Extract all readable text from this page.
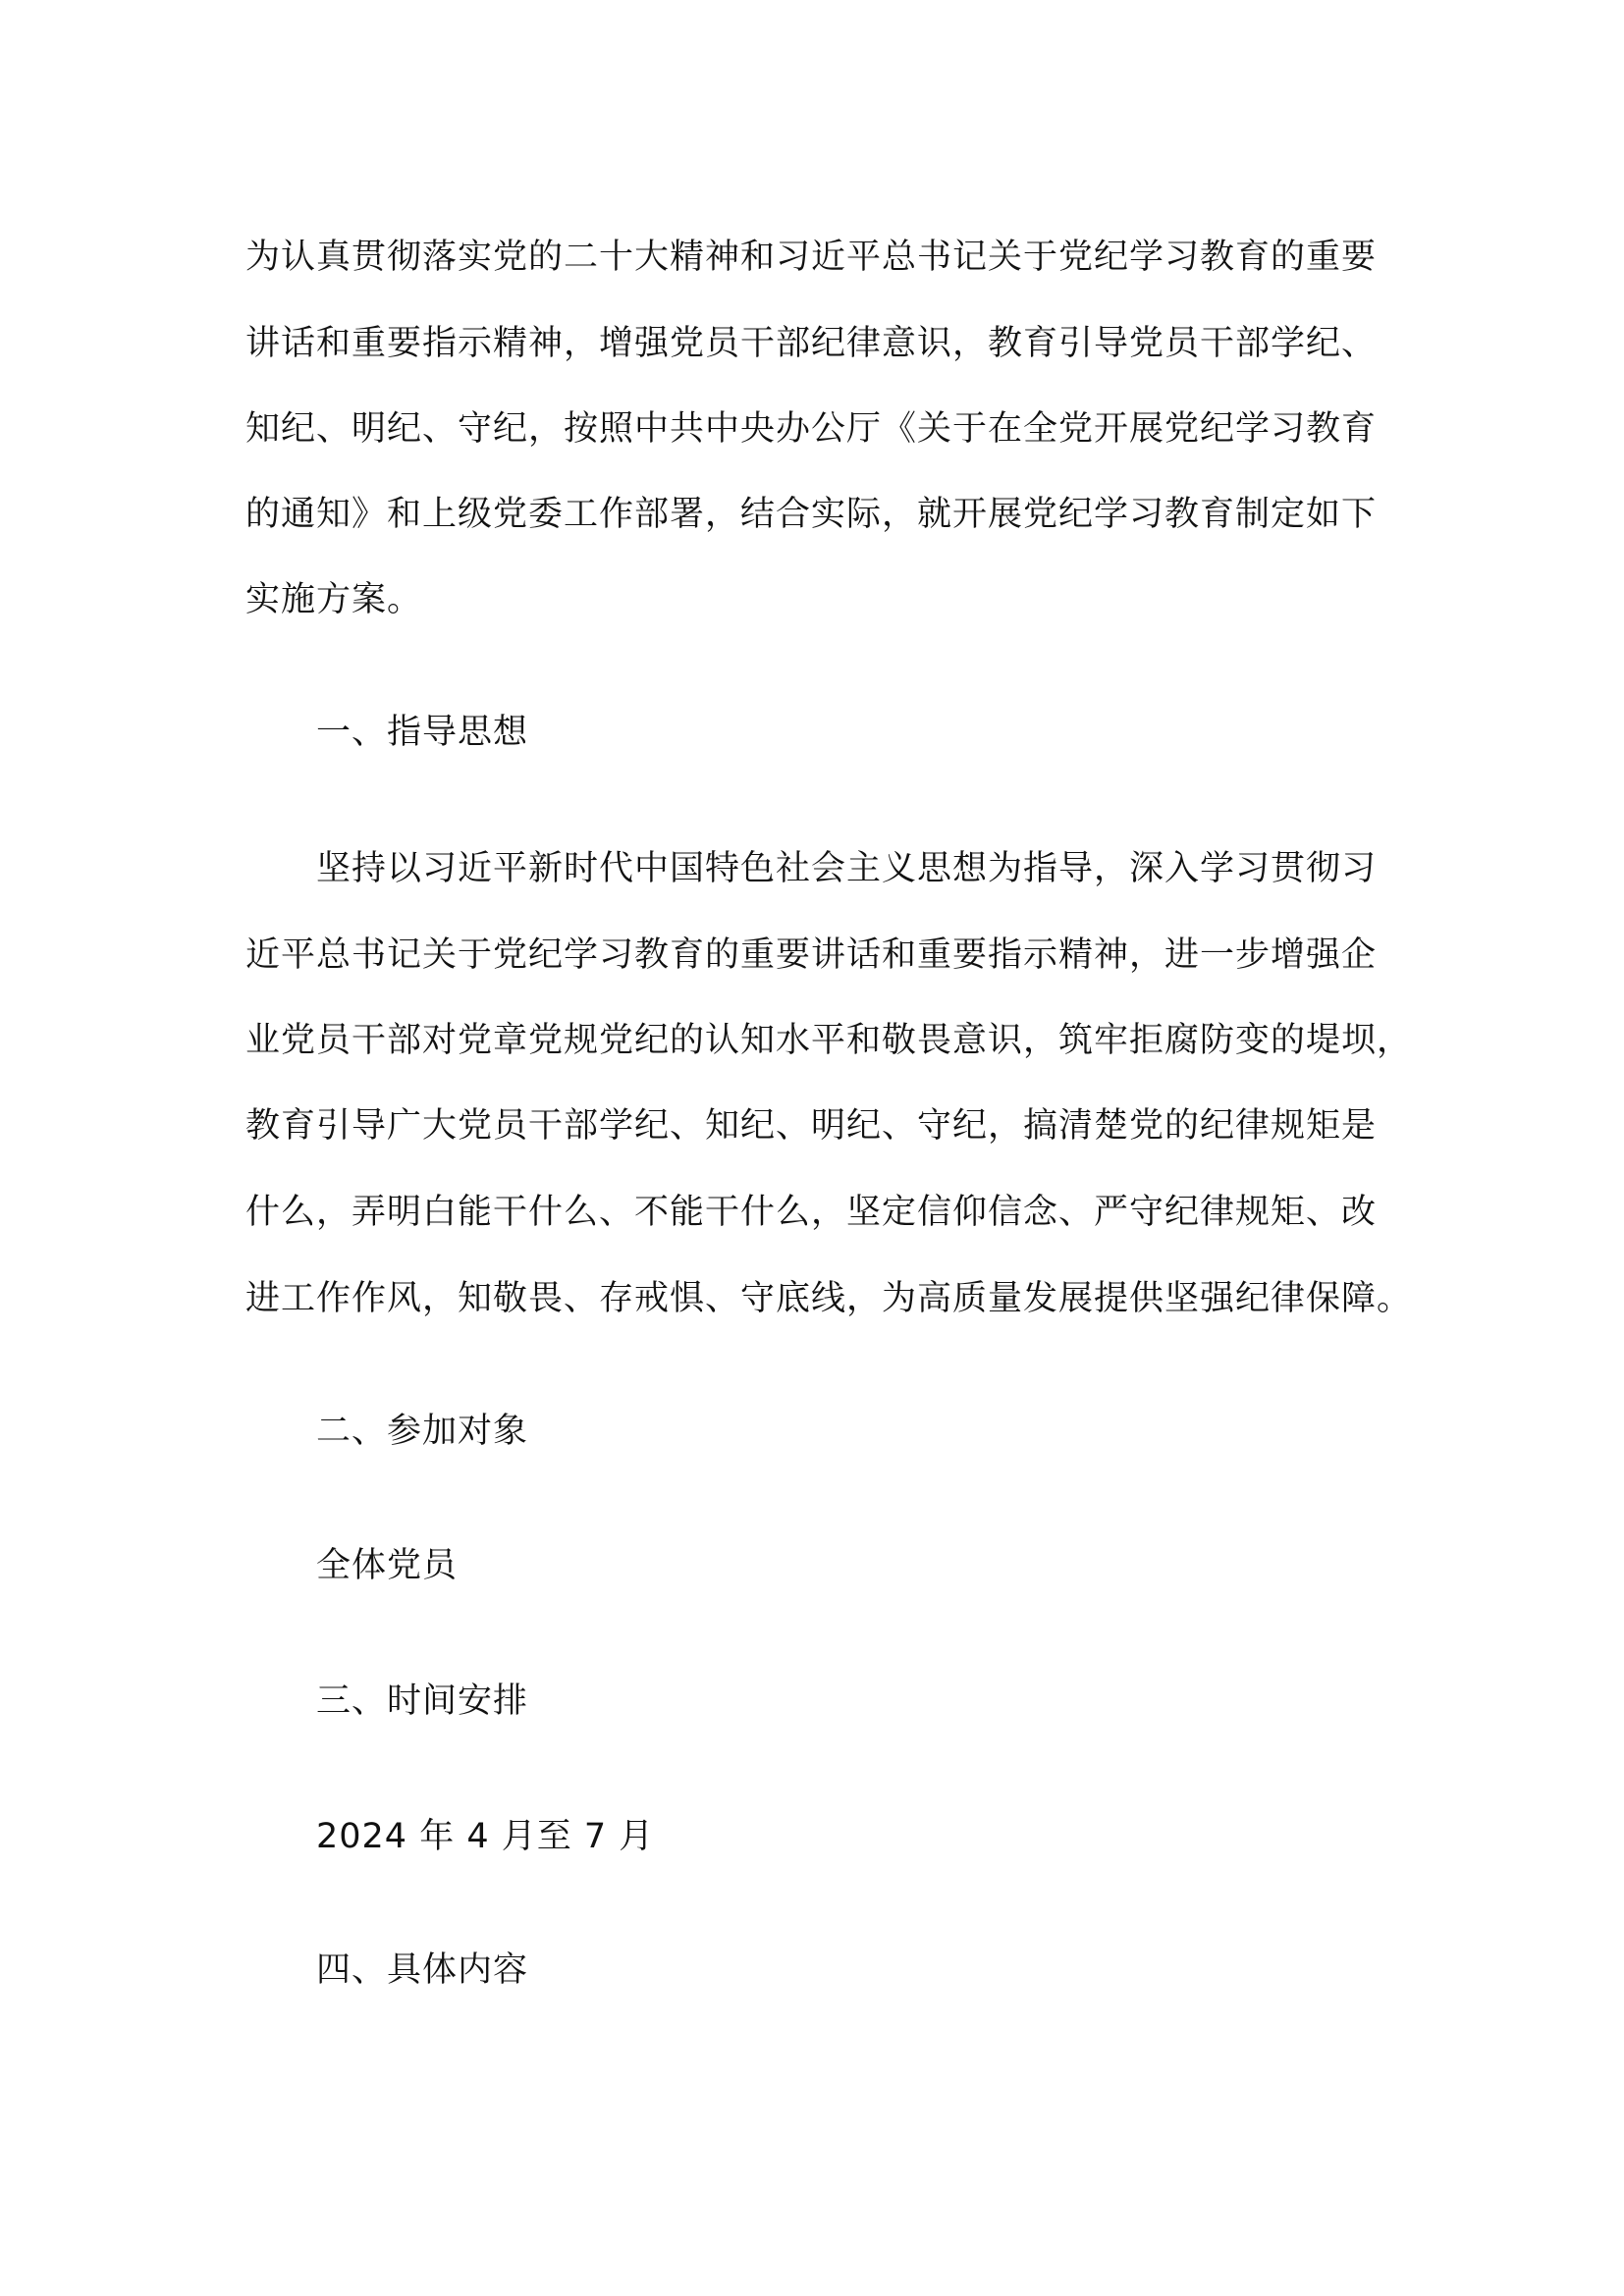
为认真贯彻落实党的二十大精神和习近平总书记关于党纪学习教育的重要
讲话和重要指示精神，增强党员干部纪律意识，教育引导党员干部学纪、
知纪、明纪、守纪，按照中共中央办公厅《关于在全党开展党纪学习教育
的通知》和上级党委工作部署，结合实际，就开展党纪学习教育制定如下
实施方案。
一、指导思想
坚持以习近平新时代中国特色社会主义思想为指导，深入学习贯彻习
近平总书记关于党纪学习教育的重要讲话和重要指示精神，进一步增强企
业党员干部对党章党规党纪的认知水平和敬畏意识，筑牢拒腐防变的堤坝，
教育引导广大党员干部学纪、知纪、明纪、守纪，搞清楚党的纪律规矩是
什么，弄明白能干什么、不能干什么，坚定信仰信念、严守纪律规矩、改
进工作作风，知敬畏、存戒惧、守底线，为高质量发展提供坚强纪律保障。
二、参加对象
全体党员
三、时间安排
2024 年 4 月至 7 月
四、具体内容
